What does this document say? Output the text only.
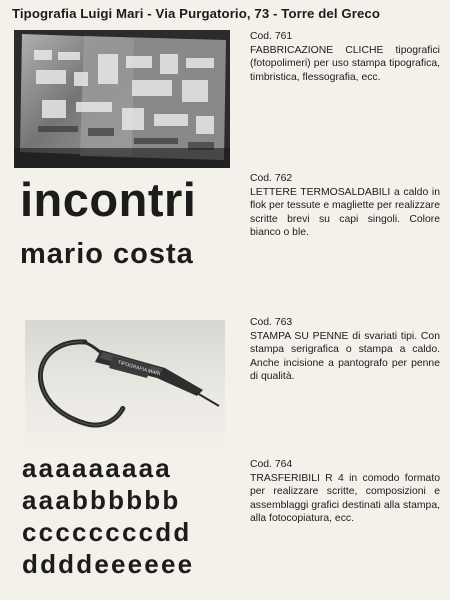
Tipografia Luigi Mari - Via Purgatorio, 73 - Torre del Greco
Cod. 761
FABBRICAZIONE CLICHE tipografici (fotopolimeri) per uso stampa tipografica, timbristica, flessografia, ecc.
incontri
mario costa
Cod. 762
LETTERE TERMOSALDABILI a caldo in flok per tessute e magliette per realizzare scritte brevi su capi singoli. Colore bianco o ble.
TIPOGRAFIA MARI
Cod. 763
STAMPA SU PENNE di svariati tipi. Con stampa serigrafica o stampa a caldo. Anche incisione a pantografo per penne di qualità.
aaaaaaaaa
aaabbbbbb
ccccccccdd
ddddeeeeee
Cod. 764
TRASFERIBILI R 4 in comodo formato per realizzare scritte, composizioni e assemblaggi grafici destinati alla stampa, alla fotocopiatura, ecc.
